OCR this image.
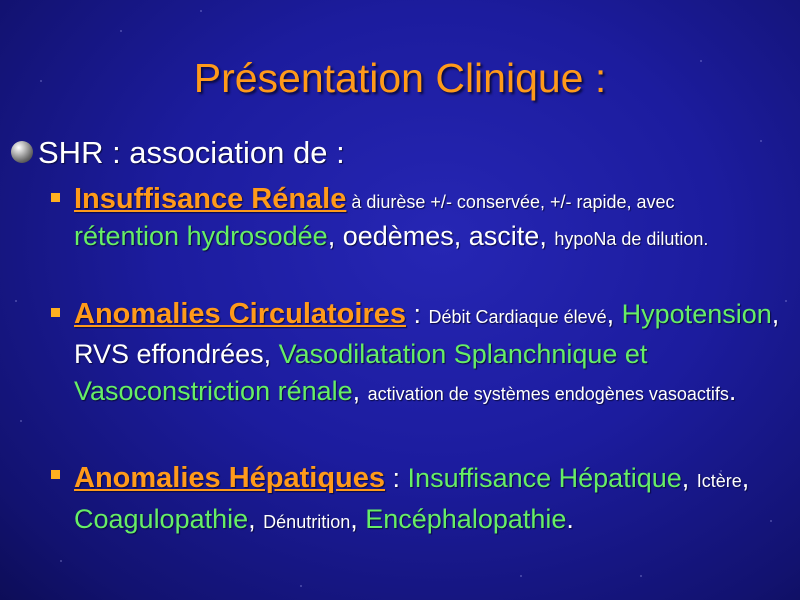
Présentation Clinique :
SHR : association de :
Insuffisance Rénale à diurèse +/- conservée, +/- rapide, avec rétention hydrosodée, oedèmes, ascite, hypoNa de dilution.
Anomalies Circulatoires : Débit Cardiaque élevé, Hypotension, RVS effondrées, Vasodilatation Splanchnique et Vasoconstriction rénale, activation de systèmes endogènes vasoactifs.
Anomalies Hépatiques : Insuffisance Hépatique, Ictère, Coagulopathie, Dénutrition, Encéphalopathie.
